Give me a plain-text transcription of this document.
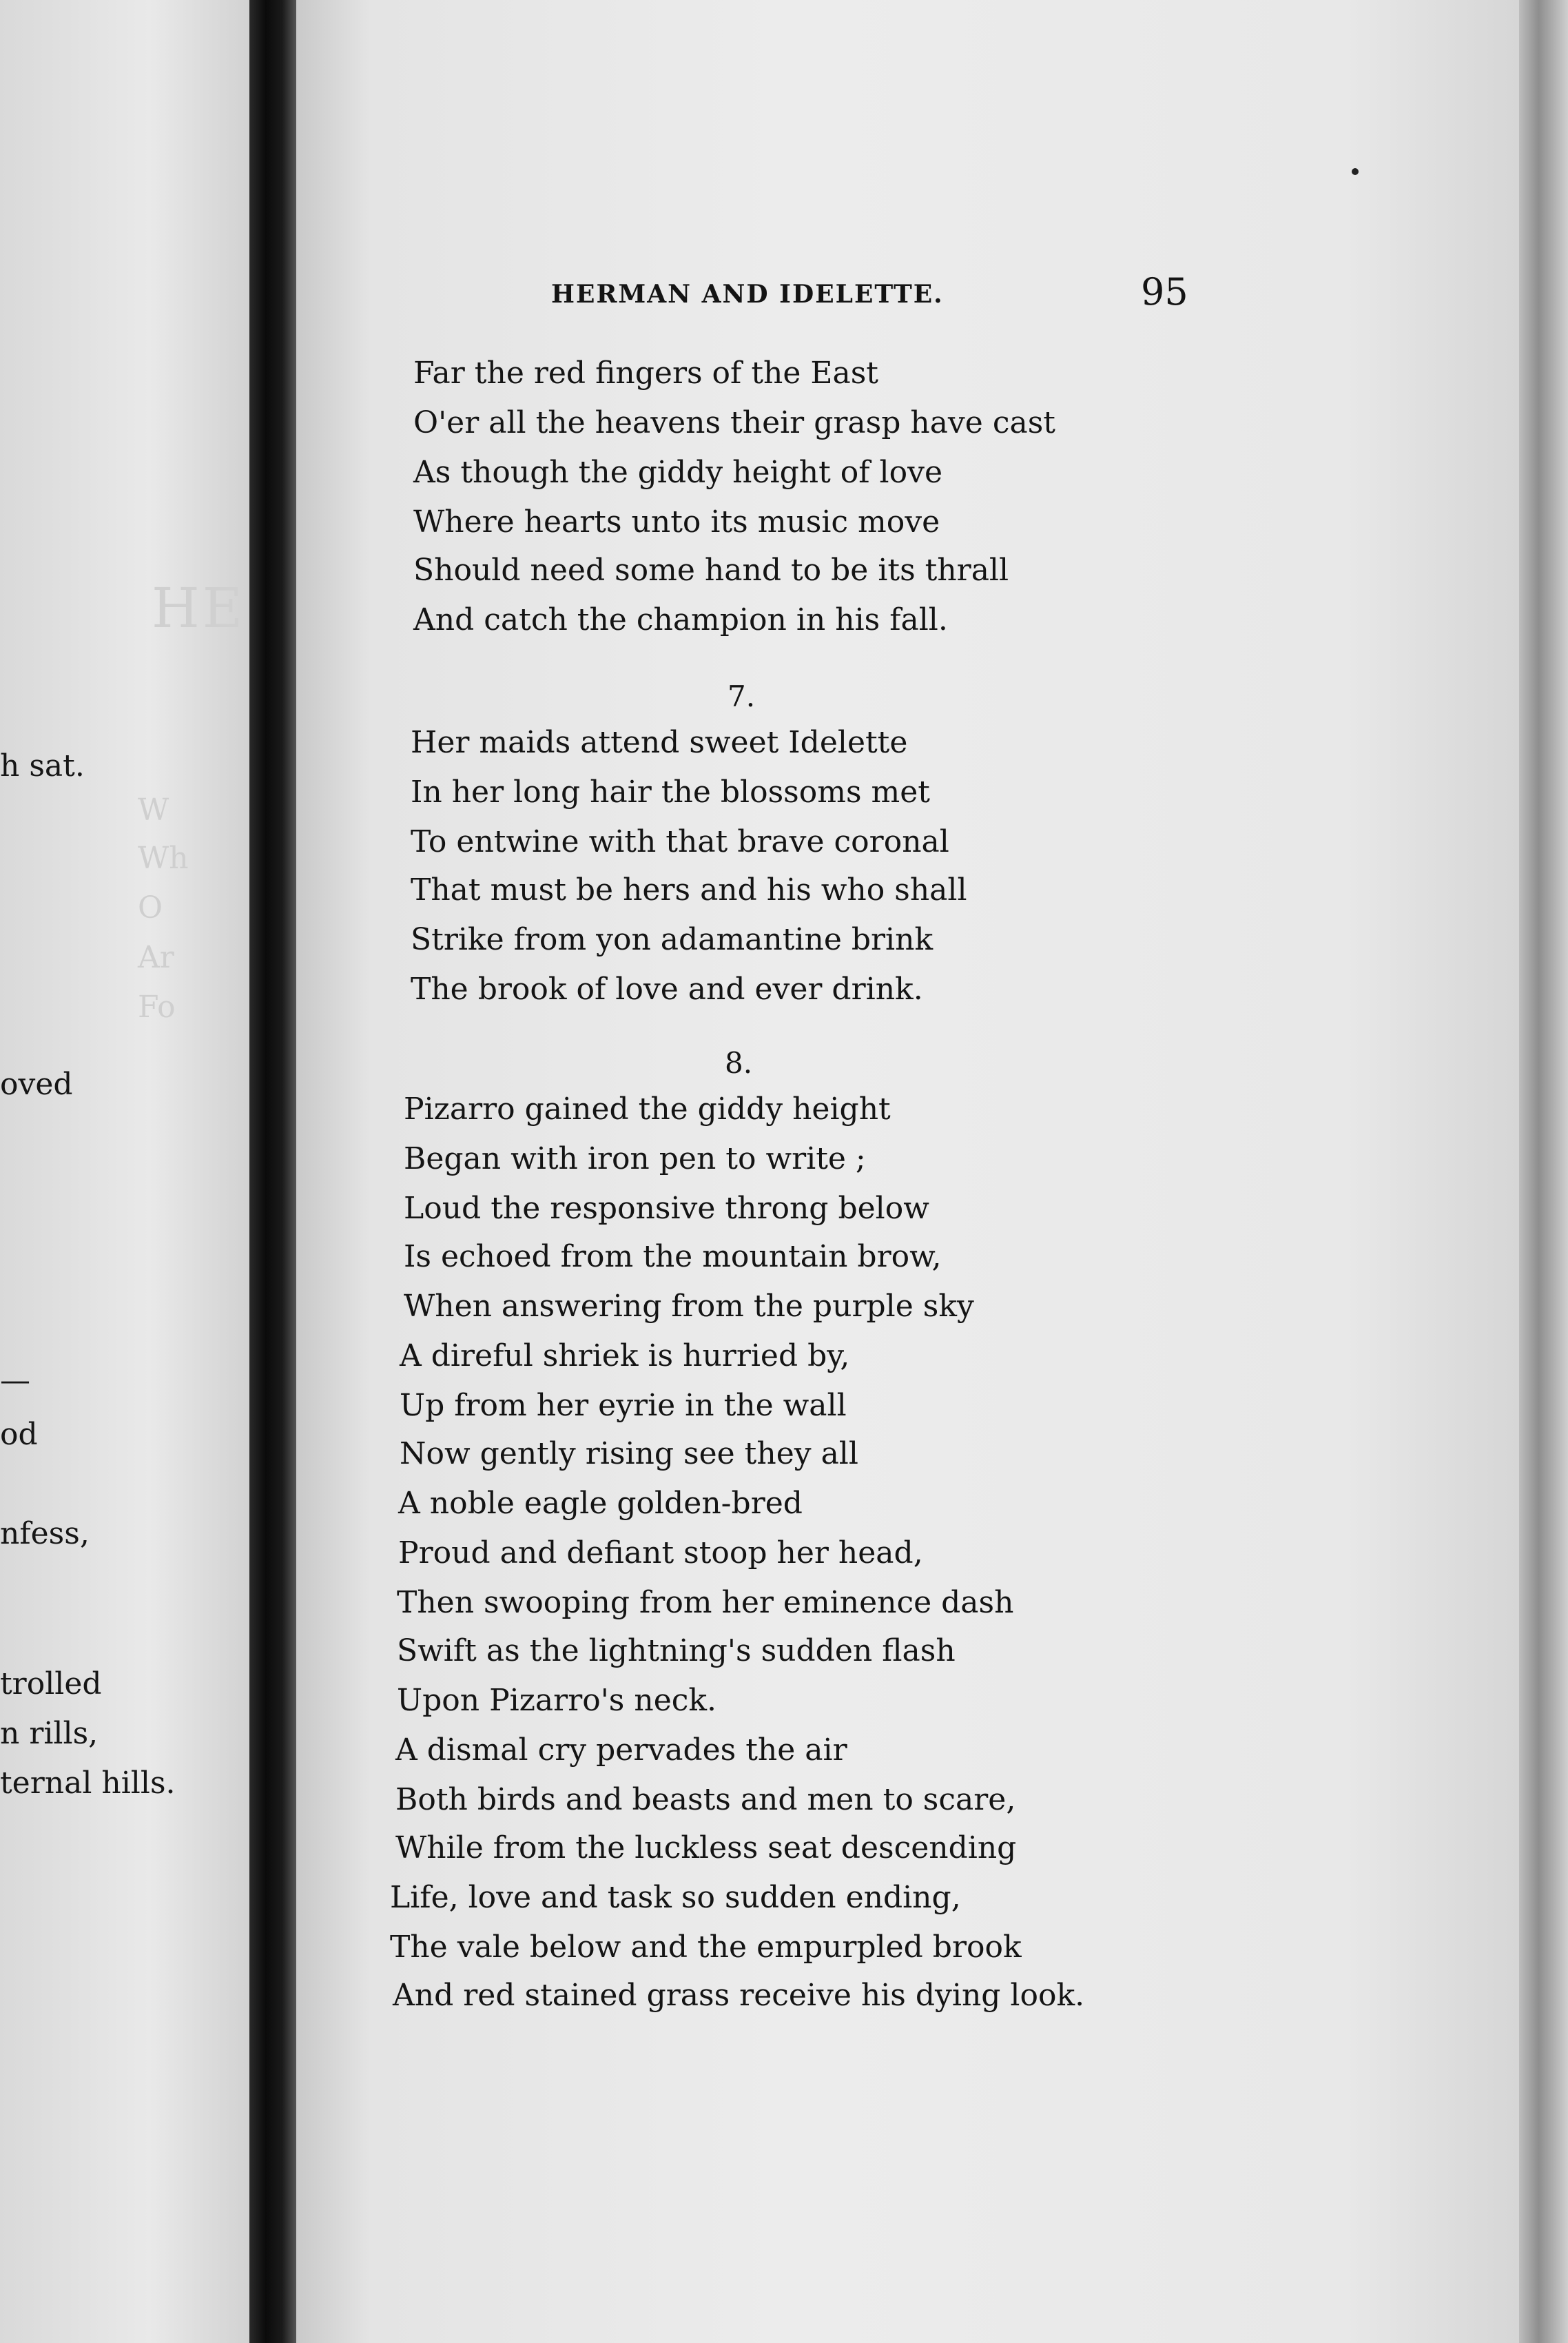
HE
W
Wh
O
Ar
Fo
h sat.
oved
—
od
nfess,
trolled
n rills,
ternal hills.
HERMAN AND IDELETTE.	95
Far the red fingers of the East
O'er all the heavens their grasp have cast
As though the giddy height of love
Where hearts unto its music move
Should need some hand to be its thrall
And catch the champion in his fall.
7.
Her maids attend sweet Idelette
In her long hair the blossoms met
To entwine with that brave coronal
That must be hers and his who shall
Strike from yon adamantine brink
The brook of love and ever drink.
8.
Pizarro gained the giddy height
Began with iron pen to write ;
Loud the responsive throng below
Is echoed from the mountain brow,
When answering from the purple sky
A direful shriek is hurried by,
Up from her eyrie in the wall
Now gently rising see they all
A noble eagle golden-bred
Proud and defiant stoop her head,
Then swooping from her eminence dash
Swift as the lightning's sudden flash
Upon Pizarro's neck.
A dismal cry pervades the air
Both birds and beasts and men to scare,
While from the luckless seat descending
Life, love and task so sudden ending,
The vale below and the empurpled brook
And red stained grass receive his dying look.
